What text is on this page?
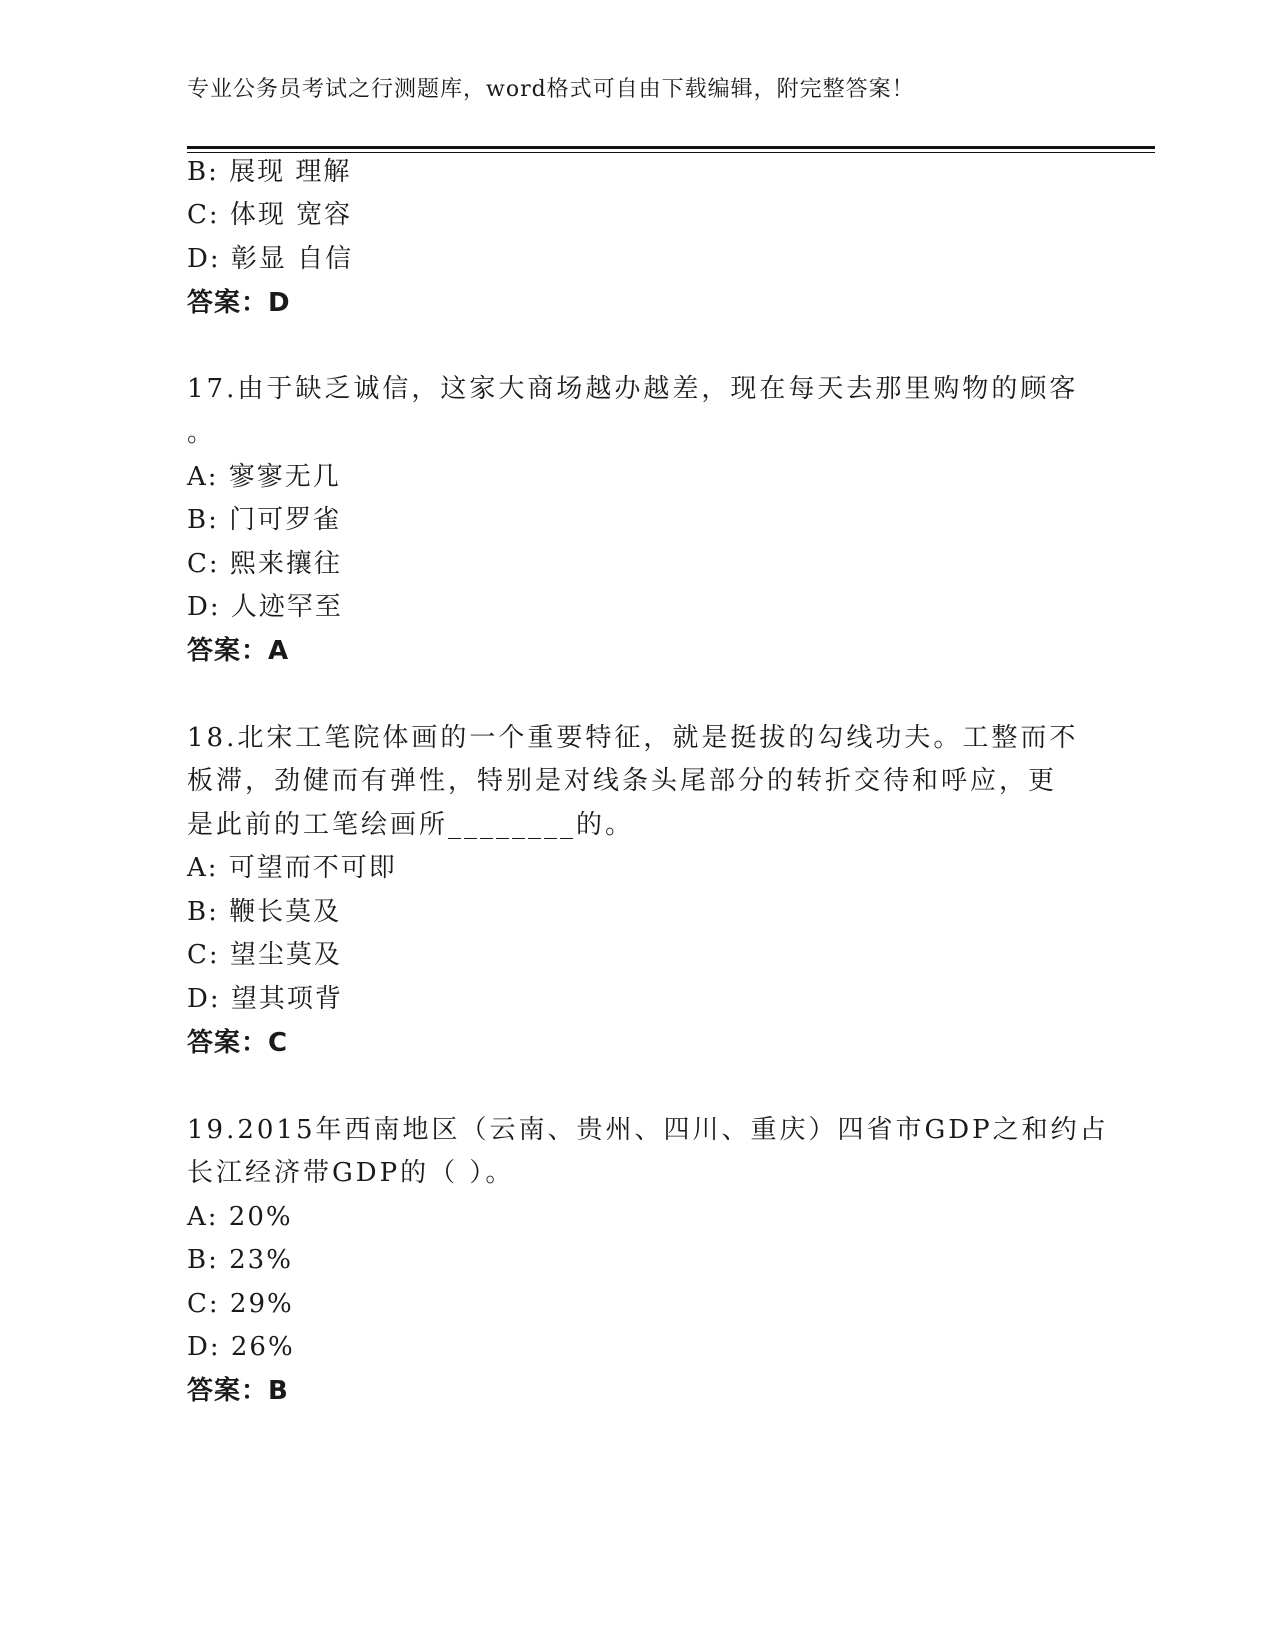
专业公务员考试之行测题库，word格式可自由下载编辑，附完整答案！
B: 展现 理解
C: 体现 宽容
D: 彰显 自信
答案：D
17.由于缺乏诚信，这家大商场越办越差，现在每天去那里购物的顾客
。
A: 寥寥无几
B: 门可罗雀
C: 熙来攘往
D: 人迹罕至
答案：A
18.北宋工笔院体画的一个重要特征，就是挺拔的勾线功夫。工整而不
板滞，劲健而有弹性，特别是对线条头尾部分的转折交待和呼应，更
是此前的工笔绘画所________的。
A: 可望而不可即
B: 鞭长莫及
C: 望尘莫及
D: 望其项背
答案：C
19.2015年西南地区（云南、贵州、四川、重庆）四省市GDP之和约占
长江经济带GDP的（ ）。
A: 20%
B: 23%
C: 29%
D: 26%
答案：B
